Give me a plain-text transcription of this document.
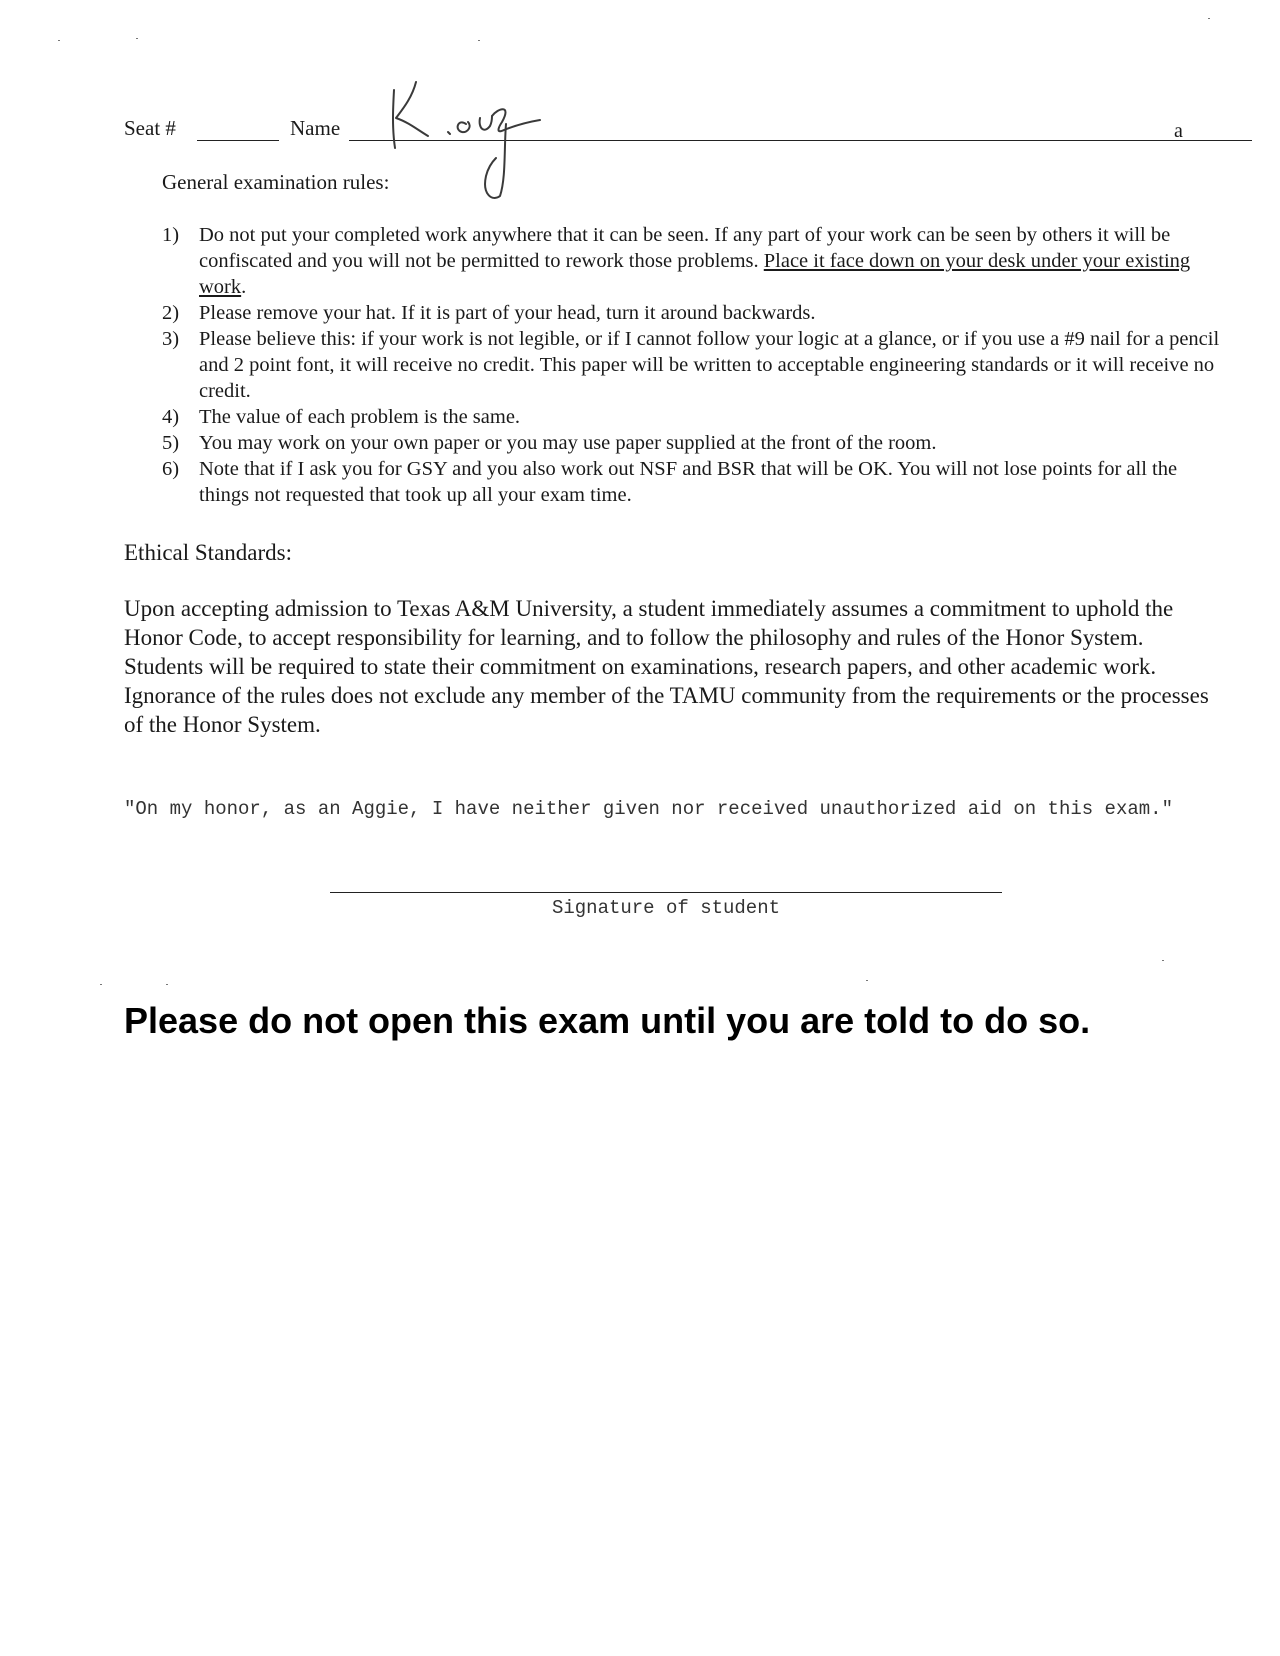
Seat #	Name	a
General examination rules:
1) Do not put your completed work anywhere that it can be seen. If any part of your work can be seen by others it will be confiscated and you will not be permitted to rework those problems. Place it face down on your desk under your existing work.
2) Please remove your hat. If it is part of your head, turn it around backwards.
3) Please believe this: if your work is not legible, or if I cannot follow your logic at a glance, or if you use a #9 nail for a pencil and 2 point font, it will receive no credit. This paper will be written to acceptable engineering standards or it will receive no credit.
4) The value of each problem is the same.
5) You may work on your own paper or you may use paper supplied at the front of the room.
6) Note that if I ask you for GSY and you also work out NSF and BSR that will be OK. You will not lose points for all the things not requested that took up all your exam time.
Ethical Standards:

Upon accepting admission to Texas A&M University, a student immediately assumes a commitment to uphold the Honor Code, to accept responsibility for learning, and to follow the philosophy and rules of the Honor System. Students will be required to state their commitment on examinations, research papers, and other academic work. Ignorance of the rules does not exclude any member of the TAMU community from the requirements or the processes of the Honor System.

"On my honor, as an Aggie, I have neither given nor received unauthorized aid on this exam."

Signature of student

Please do not open this exam until you are told to do so.
